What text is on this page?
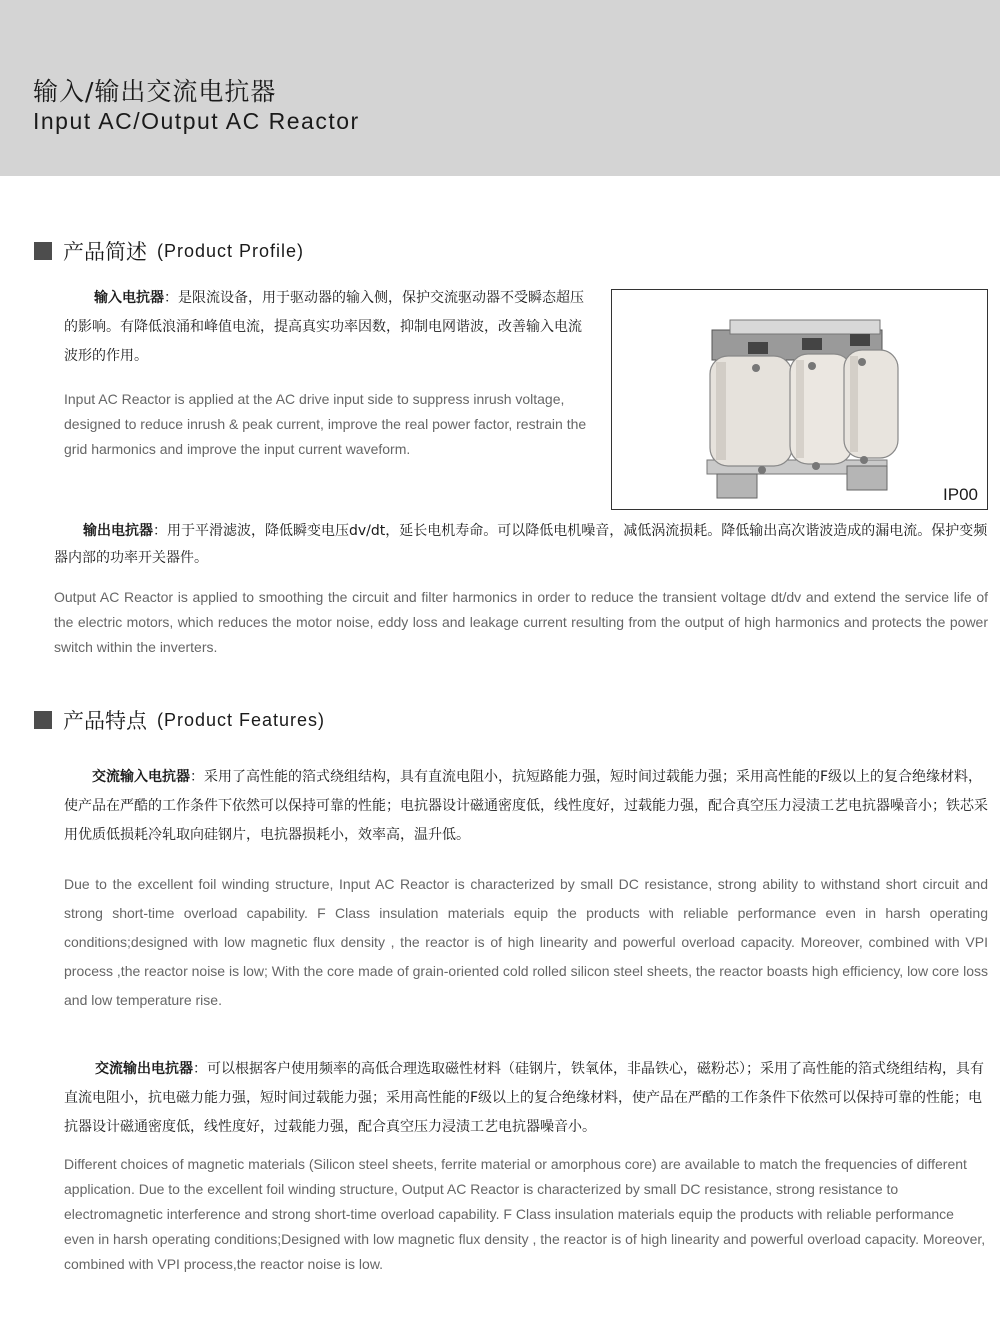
输入/输出交流电抗器
Input AC/Output AC Reactor
产品简述 (Product Profile)
输入电抗器：是限流设备，用于驱动器的输入侧，保护交流驱动器不受瞬态超压的影响。有降低浪涌和峰值电流，提高真实功率因数，抑制电网谐波，改善输入电流波形的作用。
Input AC Reactor is applied at the AC drive input side to suppress inrush voltage, designed to reduce inrush & peak current, improve the real power factor, restrain the grid harmonics and improve the input current waveform.
IP00
输出电抗器：用于平滑滤波，降低瞬变电压dv/dt，延长电机寿命。可以降低电机噪音，减低涡流损耗。降低输出高次谐波造成的漏电流。保护变频器内部的功率开关器件。
Output AC Reactor is applied to smoothing the circuit and filter harmonics in order to reduce the transient voltage dt/dv and extend the service life of the electric motors, which reduces the motor noise, eddy loss and leakage current resulting from the output of high harmonics and protects the power switch within the inverters.
产品特点 (Product Features)
交流输入电抗器：采用了高性能的箔式绕组结构，具有直流电阻小，抗短路能力强，短时间过载能力强；采用高性能的F级以上的复合绝缘材料，使产品在严酷的工作条件下依然可以保持可靠的性能；电抗器设计磁通密度低，线性度好，过载能力强，配合真空压力浸渍工艺电抗器噪音小；铁芯采用优质低损耗冷轧取向硅钢片，电抗器损耗小，效率高，温升低。
Due to the excellent foil winding structure, Input AC Reactor is characterized by small DC resistance, strong ability to withstand short circuit and strong short-time overload capability. F Class insulation materials equip the products with reliable performance even in harsh operating conditions;designed with low magnetic flux density , the reactor is of high linearity and powerful overload capacity. Moreover, combined with VPI process ,the reactor noise is low; With the core made of grain-oriented cold rolled silicon steel sheets, the reactor boasts high efficiency, low core loss and low temperature rise.
交流输出电抗器：可以根据客户使用频率的高低合理选取磁性材料（硅钢片，铁氧体，非晶铁心，磁粉芯）；采用了高性能的箔式绕组结构，具有直流电阻小，抗电磁力能力强，短时间过载能力强；采用高性能的F级以上的复合绝缘材料，使产品在严酷的工作条件下依然可以保持可靠的性能；电抗器设计磁通密度低，线性度好，过载能力强，配合真空压力浸渍工艺电抗器噪音小。
Different choices of magnetic materials (Silicon steel sheets, ferrite material or amorphous core) are available to match the frequencies of different application. Due to the excellent foil winding structure, Output AC Reactor is characterized by small DC resistance, strong resistance to electromagnetic interference and strong short-time overload capability. F Class insulation materials equip the products with reliable performance even in harsh operating conditions;Designed with low magnetic flux density , the reactor is of high linearity and powerful overload capacity. Moreover, combined with VPI process,the reactor noise is low.
